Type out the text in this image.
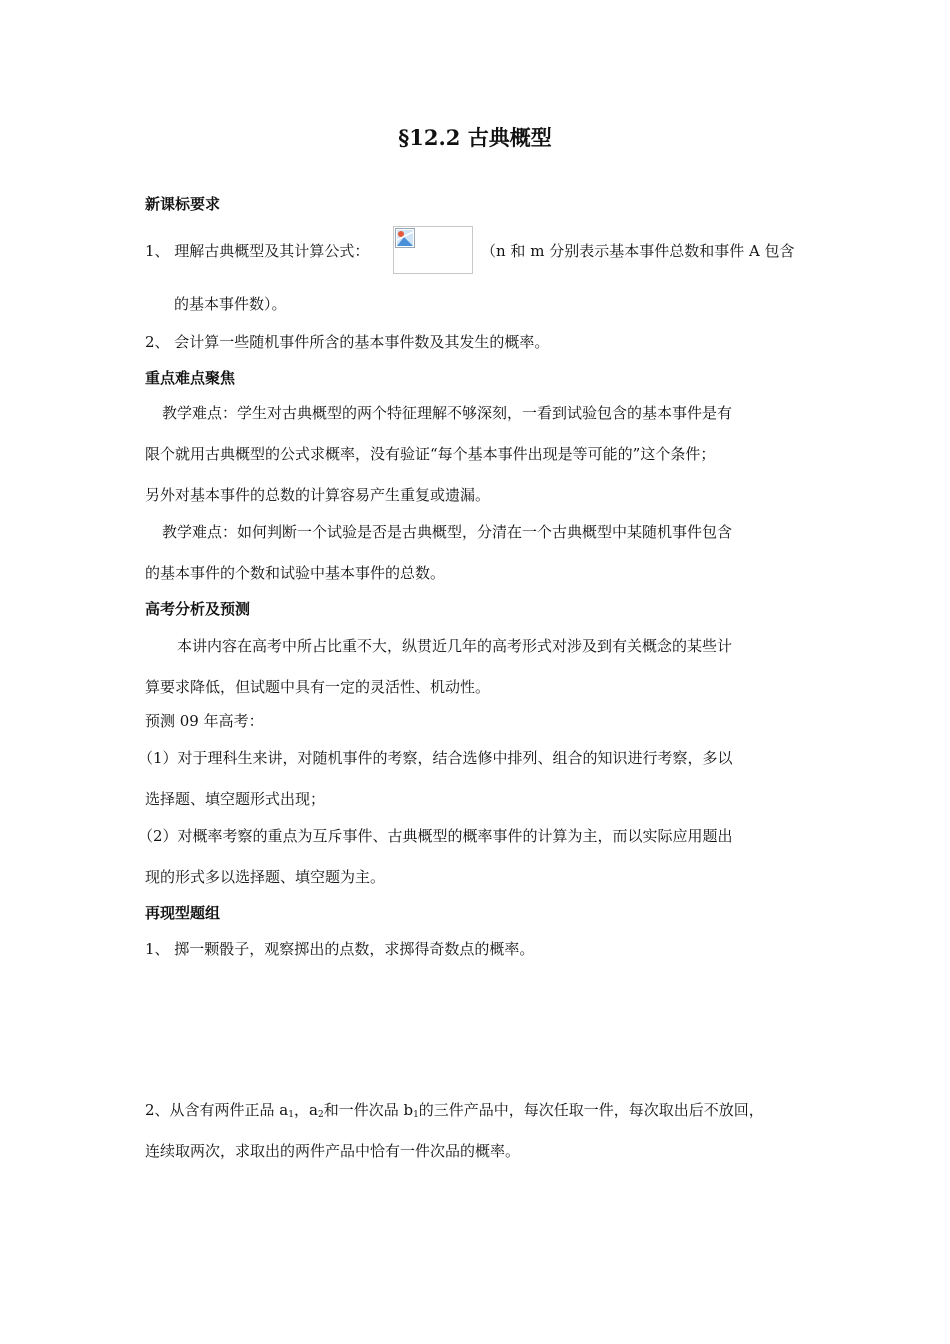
§12.2 古典概型
新课标要求
1、 理解古典概型及其计算公式：	（n 和 m 分别表示基本事件总数和事件 A 包含
的基本事件数）。
2、 会计算一些随机事件所含的基本事件数及其发生的概率。
重点难点聚焦
教学难点：学生对古典概型的两个特征理解不够深刻，一看到试验包含的基本事件是有
限个就用古典概型的公式求概率，没有验证“每个基本事件出现是等可能的”这个条件；
另外对基本事件的总数的计算容易产生重复或遗漏。
教学难点：如何判断一个试验是否是古典概型，分清在一个古典概型中某随机事件包含
的基本事件的个数和试验中基本事件的总数。
高考分析及预测
本讲内容在高考中所占比重不大，纵贯近几年的高考形式对涉及到有关概念的某些计
算要求降低，但试题中具有一定的灵活性、机动性。
预测 09 年高考：
（1）对于理科生来讲，对随机事件的考察，结合选修中排列、组合的知识进行考察，多以
选择题、填空题形式出现；
（2）对概率考察的重点为互斥事件、古典概型的概率事件的计算为主，而以实际应用题出
现的形式多以选择题、填空题为主。
再现型题组
1、 掷一颗骰子，观察掷出的点数，求掷得奇数点的概率。
2、从含有两件正品 $a_1$，$a_2$和一件次品 $b_1$的三件产品中，每次任取一件，每次取出后不放回，
连续取两次，求取出的两件产品中恰有一件次品的概率。
